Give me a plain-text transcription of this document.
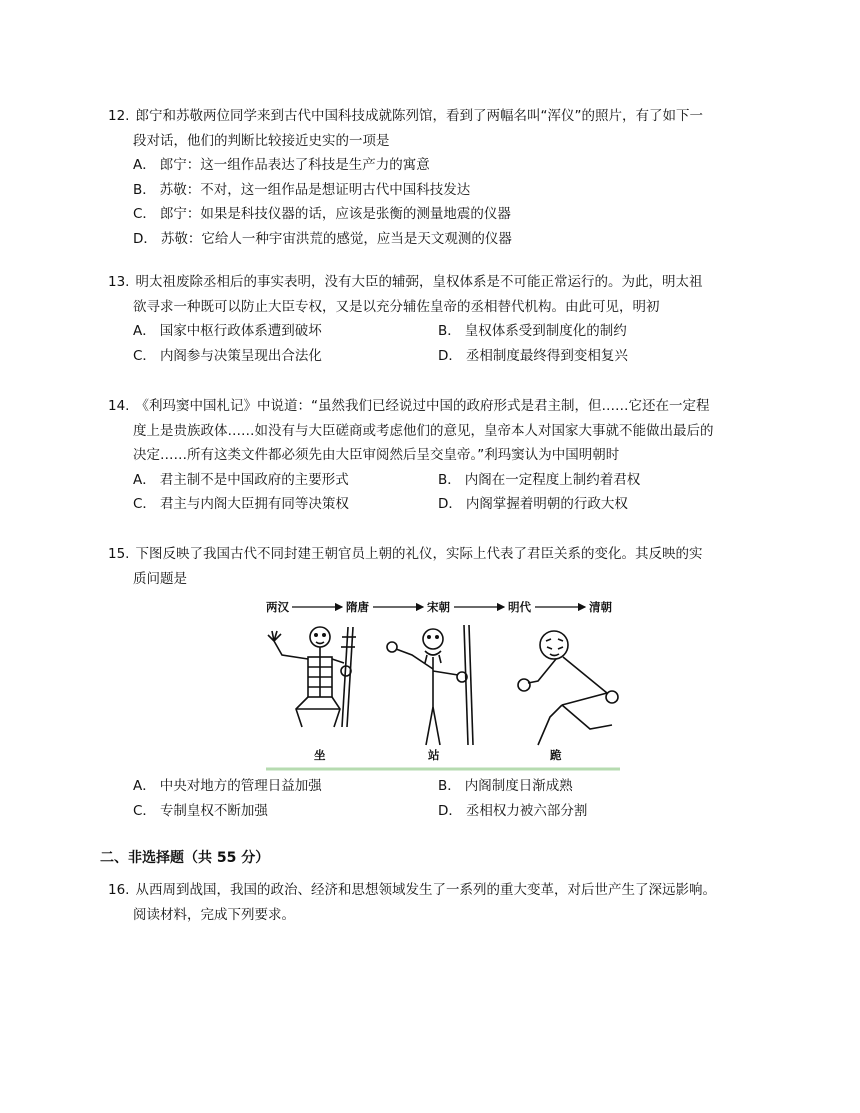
12. 郎宁和苏敬两位同学来到古代中国科技成就陈列馆，看到了两幅名叫“浑仪”的照片，有了如下一

段对话，他们的判断比较接近史实的一项是

A． 郎宁：这一组作品表达了科技是生产力的寓意
B． 苏敬：不对，这一组作品是想证明古代中国科技发达
C． 郎宁：如果是科技仪器的话，应该是张衡的测量地震的仪器
D． 苏敬：它给人一种宇宙洪荒的感觉，应当是天文观测的仪器

13. 明太祖废除丞相后的事实表明，没有大臣的辅弼，皇权体系是不可能正常运行的。为此，明太祖

欲寻求一种既可以防止大臣专权，又是以充分辅佐皇帝的丞相替代机构。由此可见，明初

A． 国家中枢行政体系遭到破坏	B． 皇权体系受到制度化的制约
C． 内阁参与决策呈现出合法化	D． 丞相制度最终得到变相复兴

14. 《利玛窦中国札记》中说道：“虽然我们已经说过中国的政府形式是君主制，但……它还在一定程

度上是贵族政体……如没有与大臣磋商或考虑他们的意见，皇帝本人对国家大事就不能做出最后的

决定……所有这类文件都必须先由大臣审阅然后呈交皇帝。”利玛窦认为中国明朝时

A． 君主制不是中国政府的主要形式	B． 内阁在一定程度上制约着君权
C． 君主与内阁大臣拥有同等决策权	D． 内阁掌握着明朝的行政大权

15. 下图反映了我国古代不同封建王朝官员上朝的礼仪，实际上代表了君臣关系的变化。其反映的实

质问题是

两汉	隋唐	宋朝	明代	清朝
坐	站	跪
A． 中央对地方的管理日益加强	B． 内阁制度日渐成熟
C． 专制皇权不断加强	D． 丞相权力被六部分割
二、非选择题（共 55 分）

16. 从西周到战国，我国的政治、经济和思想领域发生了一系列的重大变革，对后世产生了深远影响。

阅读材料，完成下列要求。
